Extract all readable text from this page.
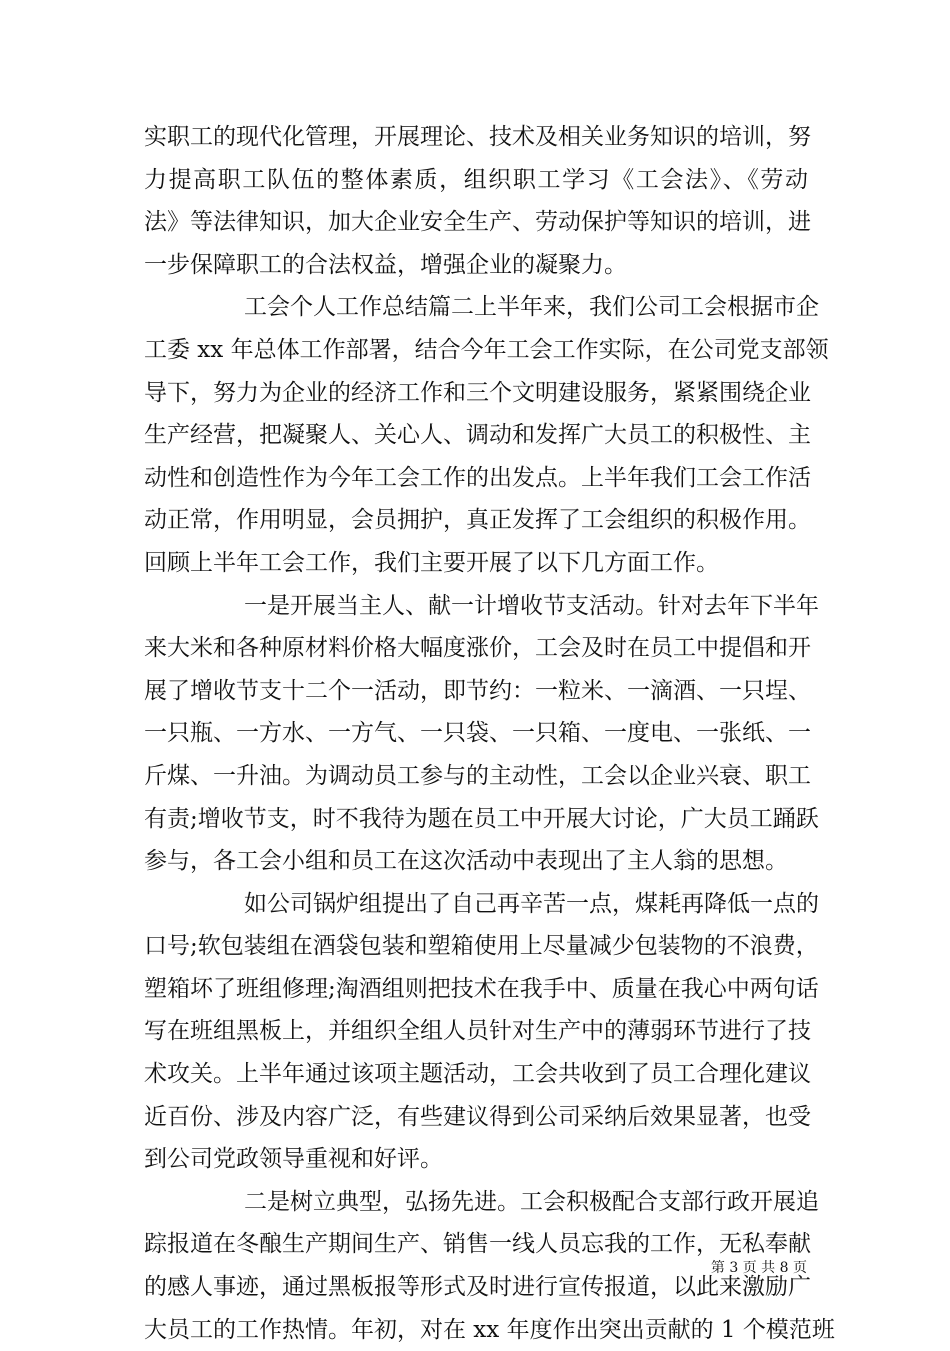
实职工的现代化管理，开展理论、技术及相关业务知识的培训，努
力提高职工队伍的整体素质，组织职工学习《工会法》、《劳动
法》等法律知识，加大企业安全生产、劳动保护等知识的培训，进
一步保障职工的合法权益，增强企业的凝聚力。
工会个人工作总结篇二上半年来，我们公司工会根据市企
工委 xx 年总体工作部署，结合今年工会工作实际，在公司党支部领
导下，努力为企业的经济工作和三个文明建设服务，紧紧围绕企业
生产经营，把凝聚人、关心人、调动和发挥广大员工的积极性、主
动性和创造性作为今年工会工作的出发点。上半年我们工会工作活
动正常，作用明显，会员拥护，真正发挥了工会组织的积极作用。
回顾上半年工会工作，我们主要开展了以下几方面工作。
一是开展当主人、献一计增收节支活动。针对去年下半年
来大米和各种原材料价格大幅度涨价，工会及时在员工中提倡和开
展了增收节支十二个一活动，即节约：一粒米、一滴酒、一只埕、
一只瓶、一方水、一方气、一只袋、一只箱、一度电、一张纸、一
斤煤、一升油。为调动员工参与的主动性，工会以企业兴衰、职工
有责;增收节支，时不我待为题在员工中开展大讨论，广大员工踊跃
参与，各工会小组和员工在这次活动中表现出了主人翁的思想。
如公司锅炉组提出了自己再辛苦一点，煤耗再降低一点的
口号;软包装组在酒袋包装和塑箱使用上尽量减少包装物的不浪费，
塑箱坏了班组修理;淘酒组则把技术在我手中、质量在我心中两句话
写在班组黑板上，并组织全组人员针对生产中的薄弱环节进行了技
术攻关。上半年通过该项主题活动，工会共收到了员工合理化建议
近百份、涉及内容广泛，有些建议得到公司采纳后效果显著，也受
到公司党政领导重视和好评。
二是树立典型，弘扬先进。工会积极配合支部行政开展追
踪报道在冬酿生产期间生产、销售一线人员忘我的工作，无私奉献
的感人事迹，通过黑板报等形式及时进行宣传报道，以此来激励广
大员工的工作热情。年初，对在 xx 年度作出突出贡献的 1 个模范班
第 3 页 共 8 页
